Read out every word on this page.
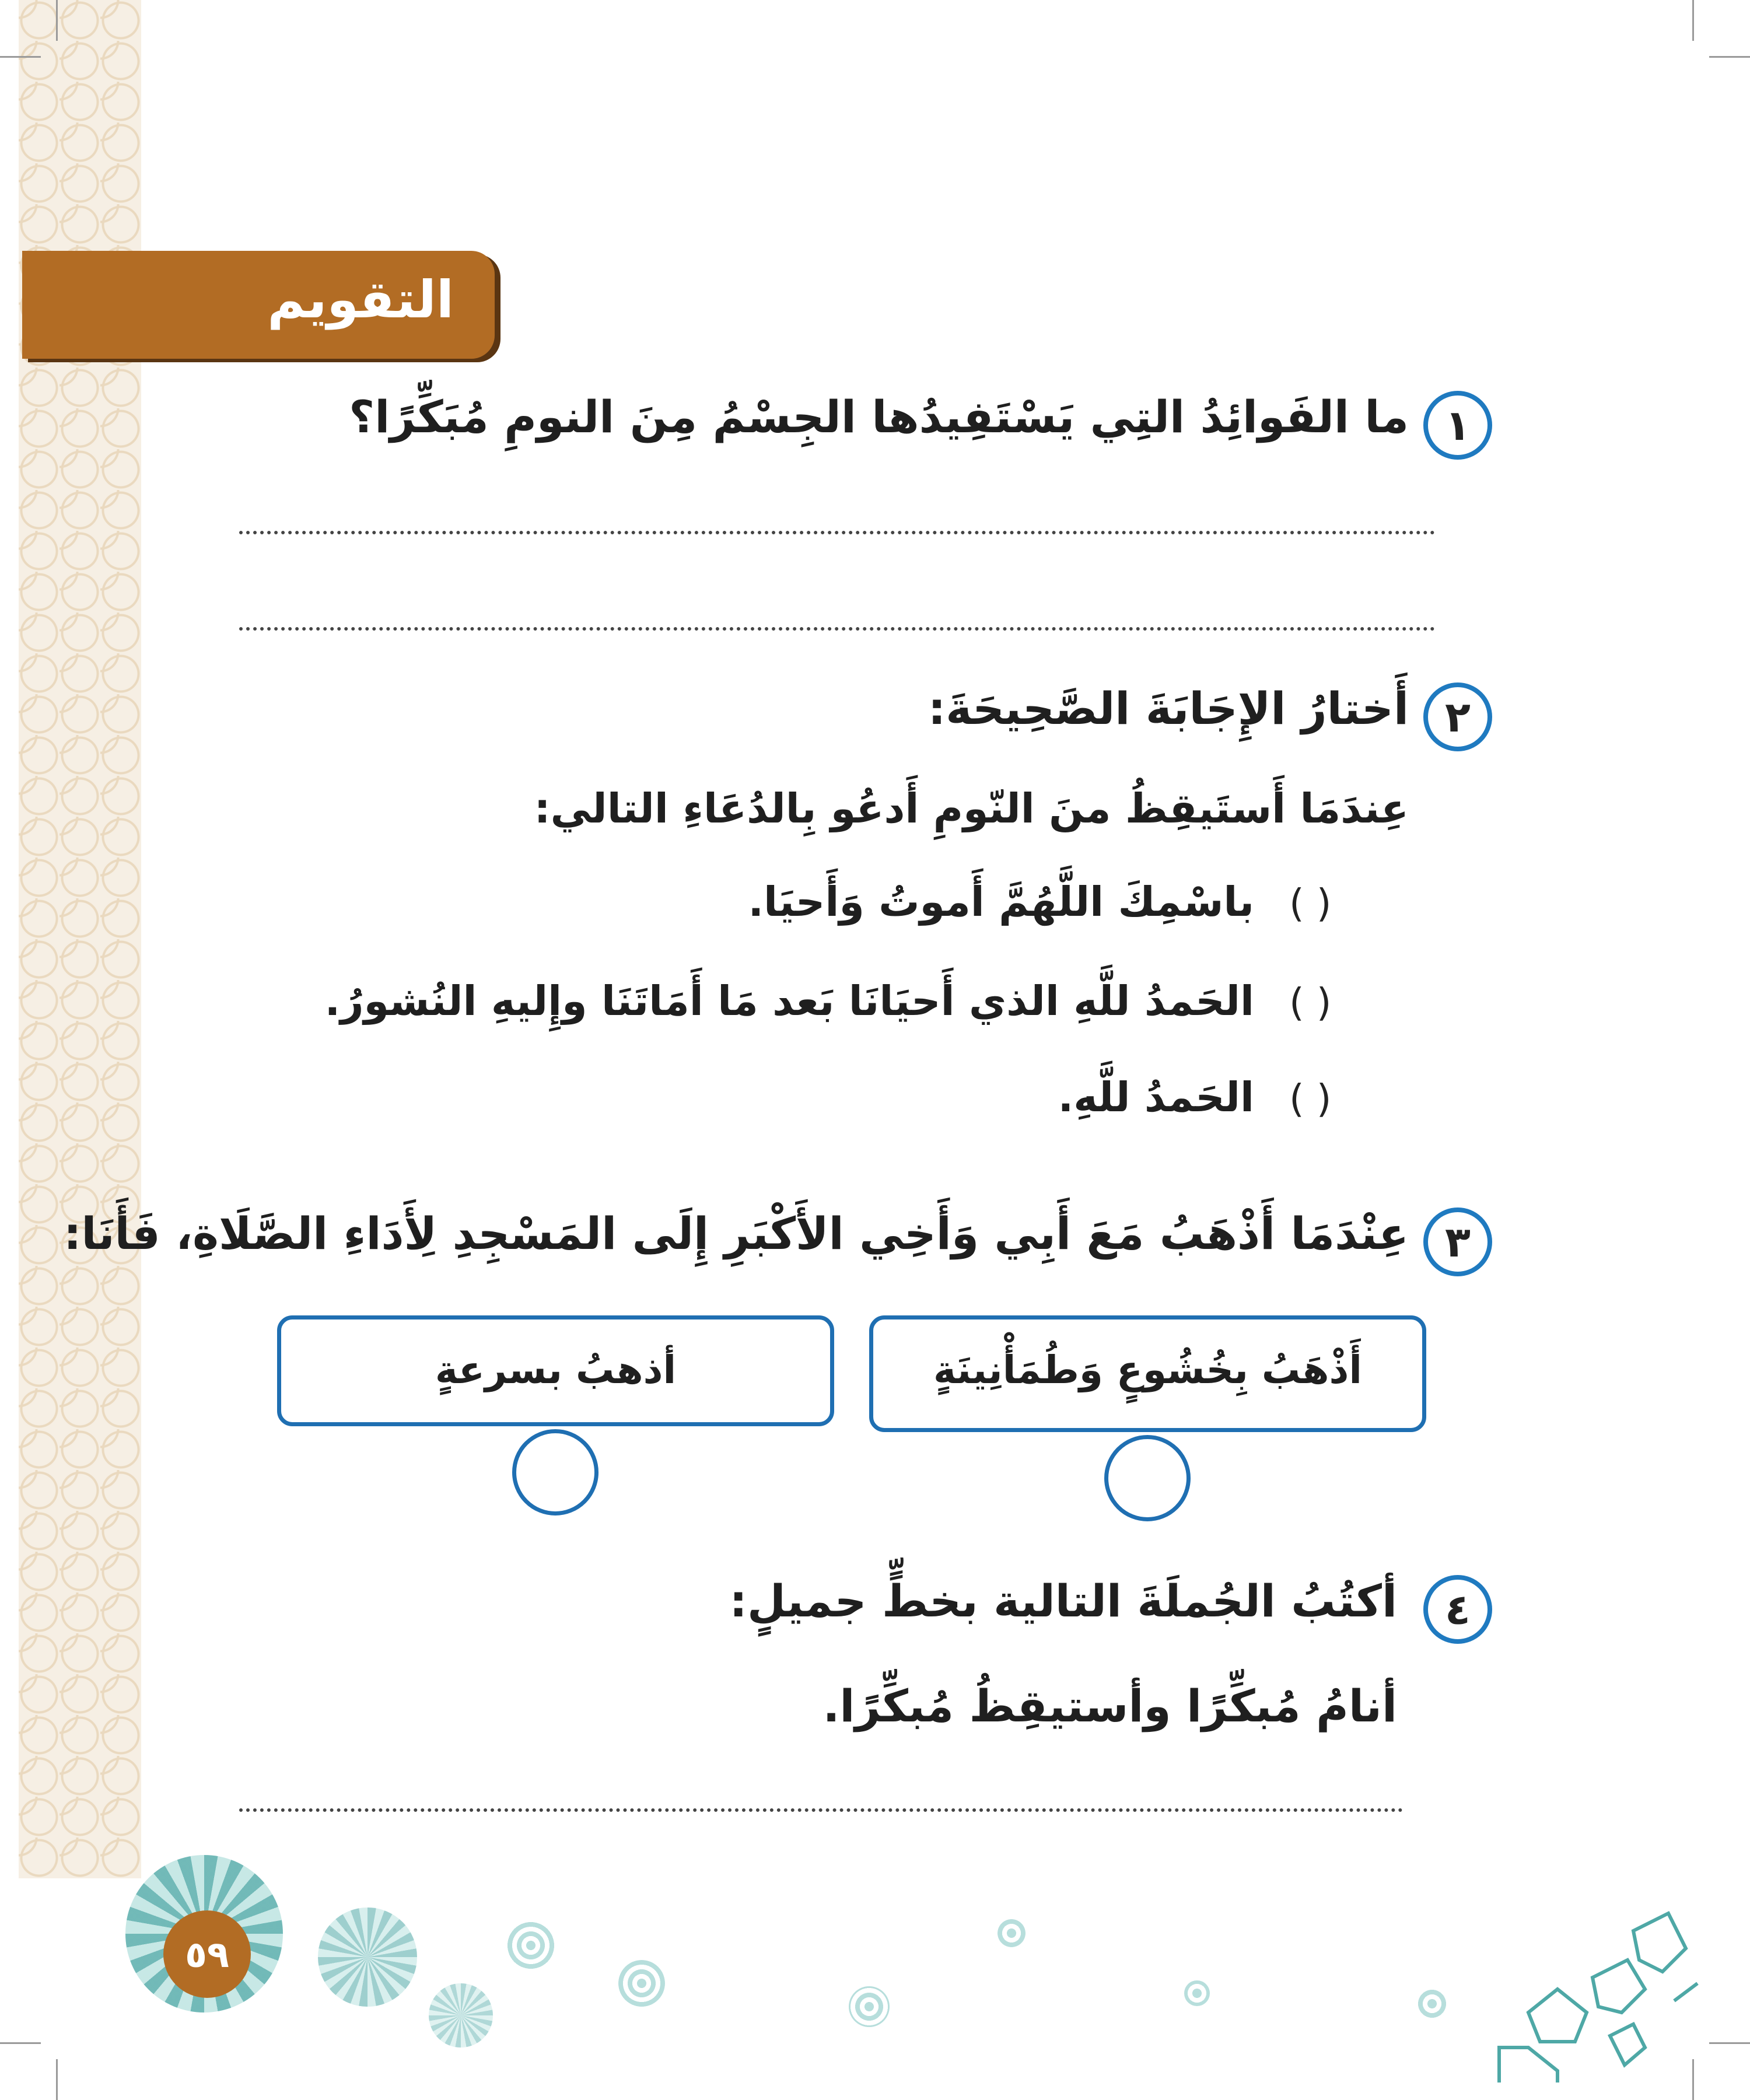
التقويم
١
ما الفَوائِدُ التِي يَسْتَفِيدُها الجِسْمُ مِنَ النومِ مُبَكِّرًا؟
٢
أَختارُ الإِجَابَةَ الصَّحِيحَةَ:
عِندَمَا أَستَيقِظُ منَ النّومِ أَدعُو بِالدُعَاءِ التالي:
( )
باسْمِكَ اللَّهُمَّ أَموتُ وَأَحيَا.
( )
الحَمدُ للَّهِ الذي أَحيَانَا بَعد مَا أَمَاتَنَا وإِليهِ النُشورُ.
( )
الحَمدُ للَّهِ.
٣
عِنْدَمَا أَذْهَبُ مَعَ أَبِي وَأَخِي الأَكْبَرِ إِلَى المَسْجِدِ لِأَدَاءِ الصَّلَاةِ، فَأَنَا:
أَذْهَبُ بِخُشُوعٍ وَطُمَأْنِينَةٍ
أذهبُ بسرعةٍ
٤
أكتُبُ الجُملَةَ التالية بخطٍّ جميلٍ:
أنامُ مُبكِّرًا وأستيقِظُ مُبكِّرًا.
٥٩
